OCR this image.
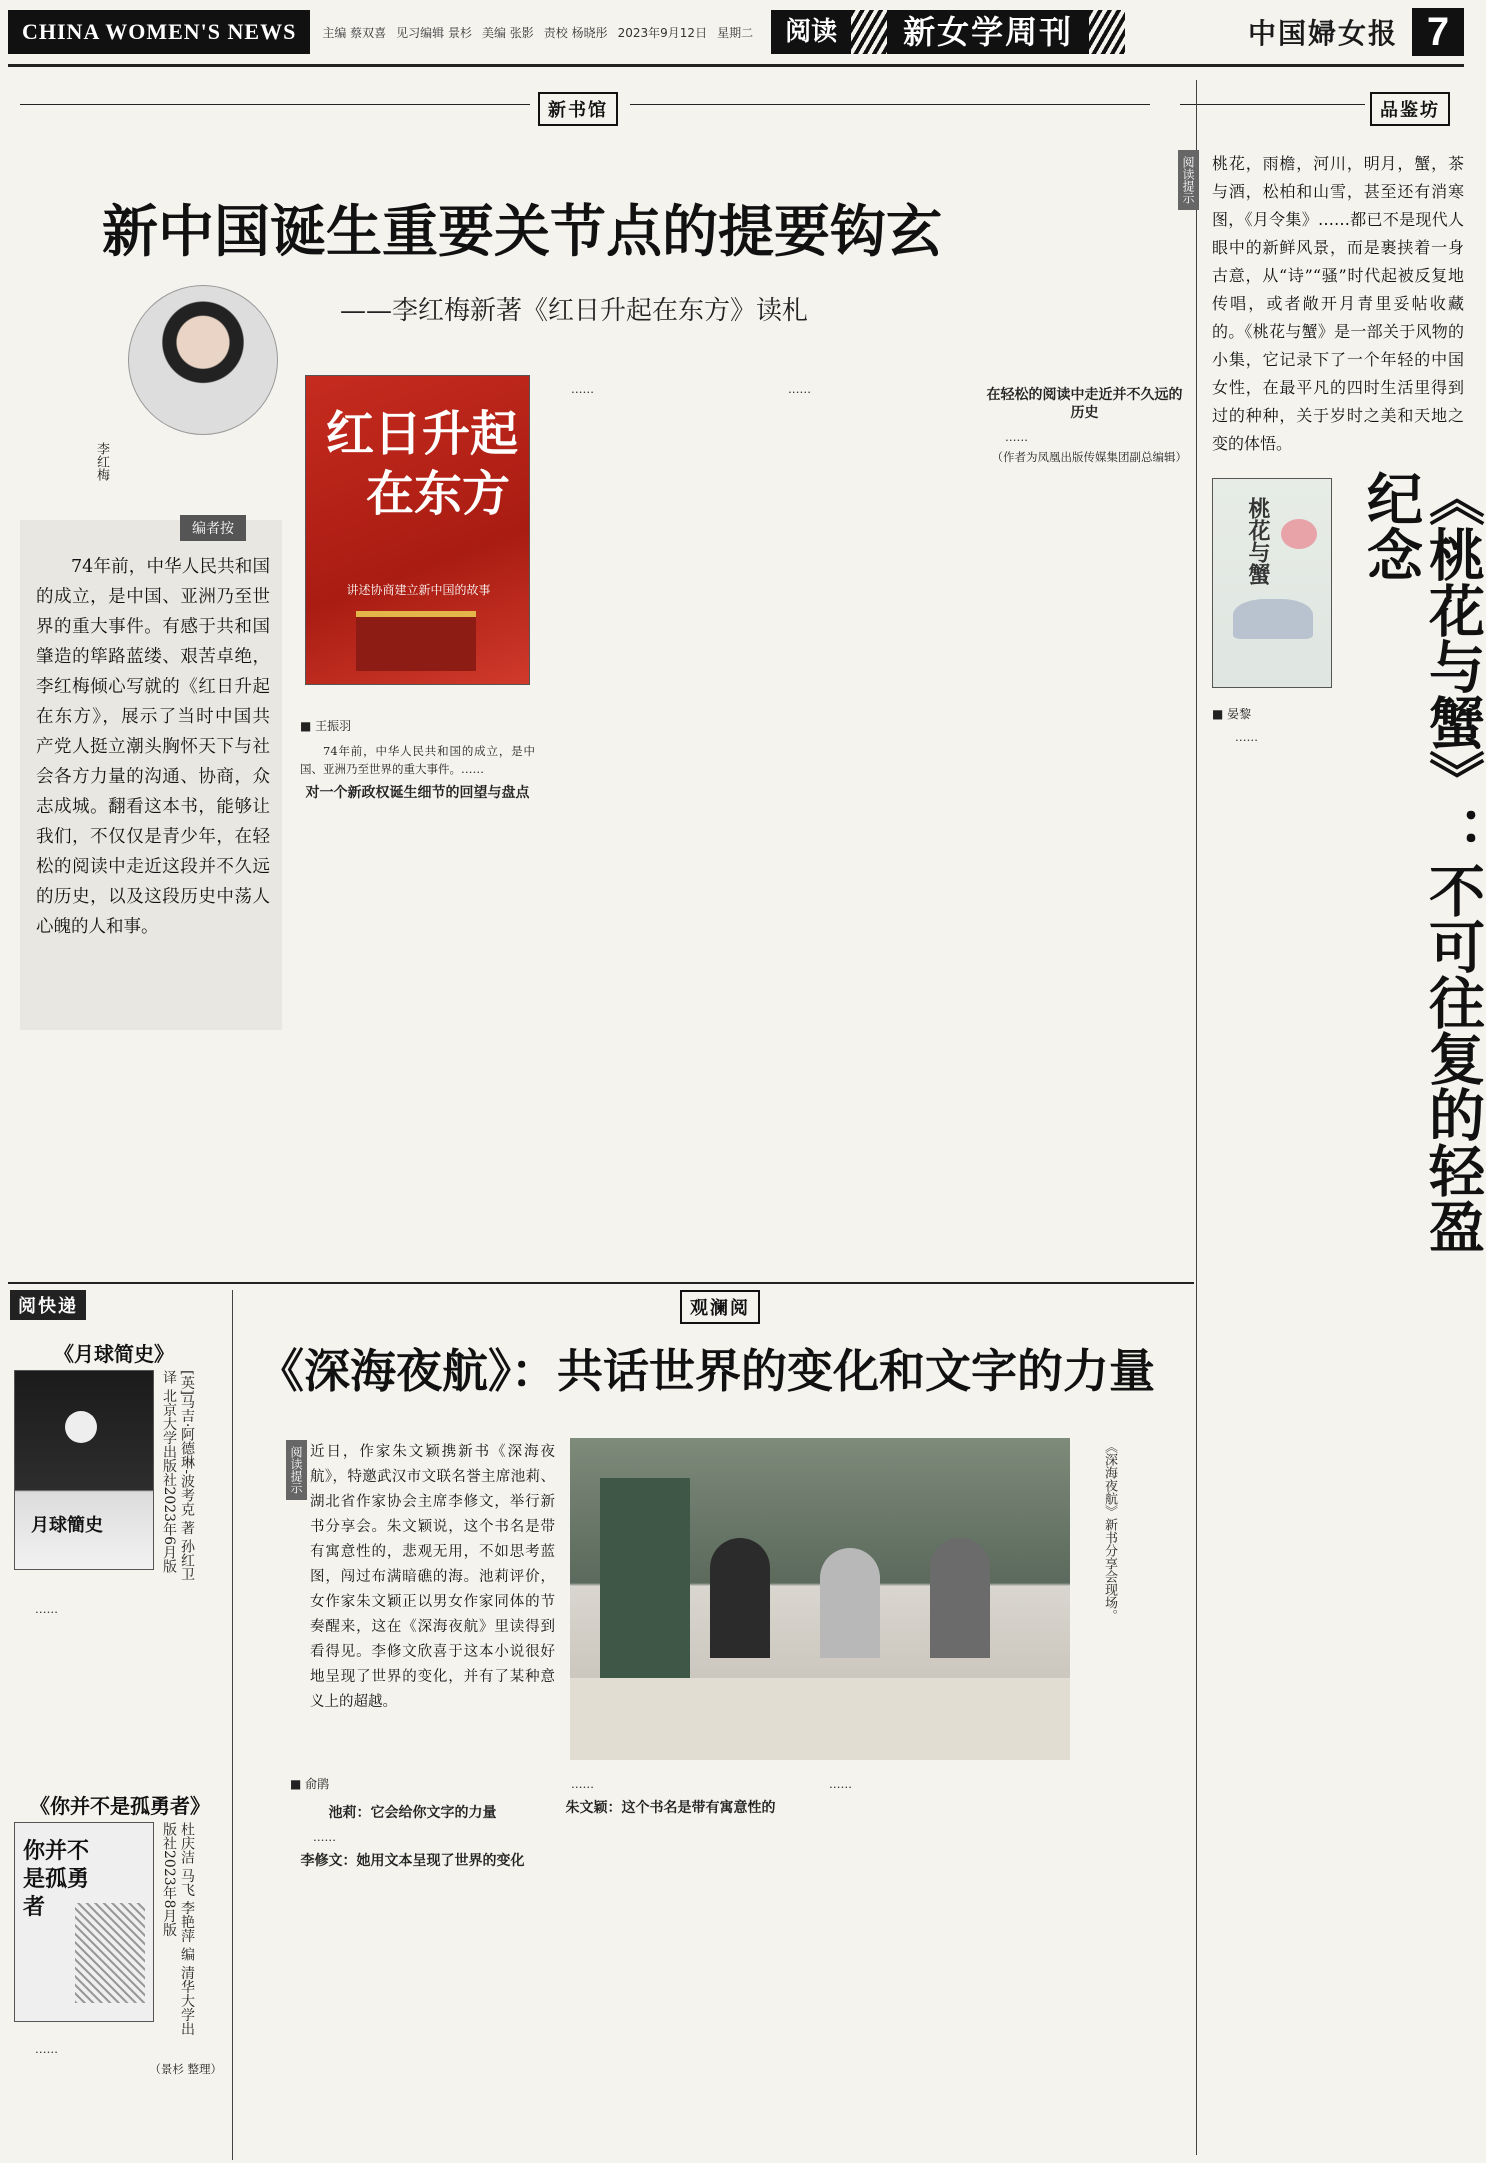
CHINA WOMEN'S NEWS	主编 蔡双喜 见习编辑 景杉 美编 张影 责校 杨晓彤 2023年9月12日 星期二	阅读	新女学周刊	中国婦女报 7
新书馆	品鉴坊
新中国诞生重要关节点的提要钩玄
——李红梅新著《红日升起在东方》读札
李红梅
编者按
74年前，中华人民共和国的成立，是中国、亚洲乃至世界的重大事件。有感于共和国肇造的筚路蓝缕、艰苦卓绝，李红梅倾心写就的《红日升起在东方》，展示了当时中国共产党人挺立潮头胸怀天下与社会各方力量的沟通、协商，众志成城。翻看这本书，能够让我们，不仅仅是青少年，在轻松的阅读中走近这段并不久远的历史，以及这段历史中荡人心魄的人和事。
红日升起
在东方
讲述协商建立新中国的故事
■ 王振羽

74年前，中华人民共和国的成立，是中国、亚洲乃至世界的重大事件。……

对一个新政权诞生细节的回望与盘点

……	……	在轻松的阅读中走近并不久远的历史

……

（作者为凤凰出版传媒集团副总编辑）

阅读提示 桃花，雨檐，河川，明月，蟹，茶与酒，松柏和山雪，甚至还有消寒图，《月令集》……都已不是现代人眼中的新鲜风景，而是裹挟着一身古意，从“诗”“骚”时代起被反复地传唱，或者敞开月青里妥帖收藏的。《桃花与蟹》是一部关于风物的小集，它记录下了一个年轻的中国女性，在最平凡的四时生活里得到过的种种，关于岁时之美和天地之变的体悟。
桃花与蟹	《桃花与蟹》：不可往复的轻盈纪念
■ 晏黎

……

阅快递	观澜阅
《月球简史》
月球簡史	[英]马吉·阿德琳-波考克 著 孙红卫 译 北京大学出版社2023年6月版

……

《你并不是孤勇者》
你并不是孤勇者	杜庆洁 马飞 李艳萍 编 清华大学出版社2023年8月版

……

（景杉 整理）

《深海夜航》：共话世界的变化和文字的力量
阅读提示 近日，作家朱文颖携新书《深海夜航》，特邀武汉市文联名誉主席池莉、湖北省作家协会主席李修文，举行新书分享会。朱文颖说，这个书名是带有寓意性的，悲观无用，不如思考蓝图，闯过布满暗礁的海。池莉评价，女作家朱文颖正以男女作家同体的节奏醒来，这在《深海夜航》里读得到看得见。李修文欣喜于这本小说很好地呈现了世界的变化，并有了某种意义上的超越。
《深海夜航》新书分享会现场。
■ 俞鹃
池莉：它会给你文字的力量

……

李修文：她用文本呈现了世界的变化

……

朱文颖：这个书名是带有寓意性的

……
